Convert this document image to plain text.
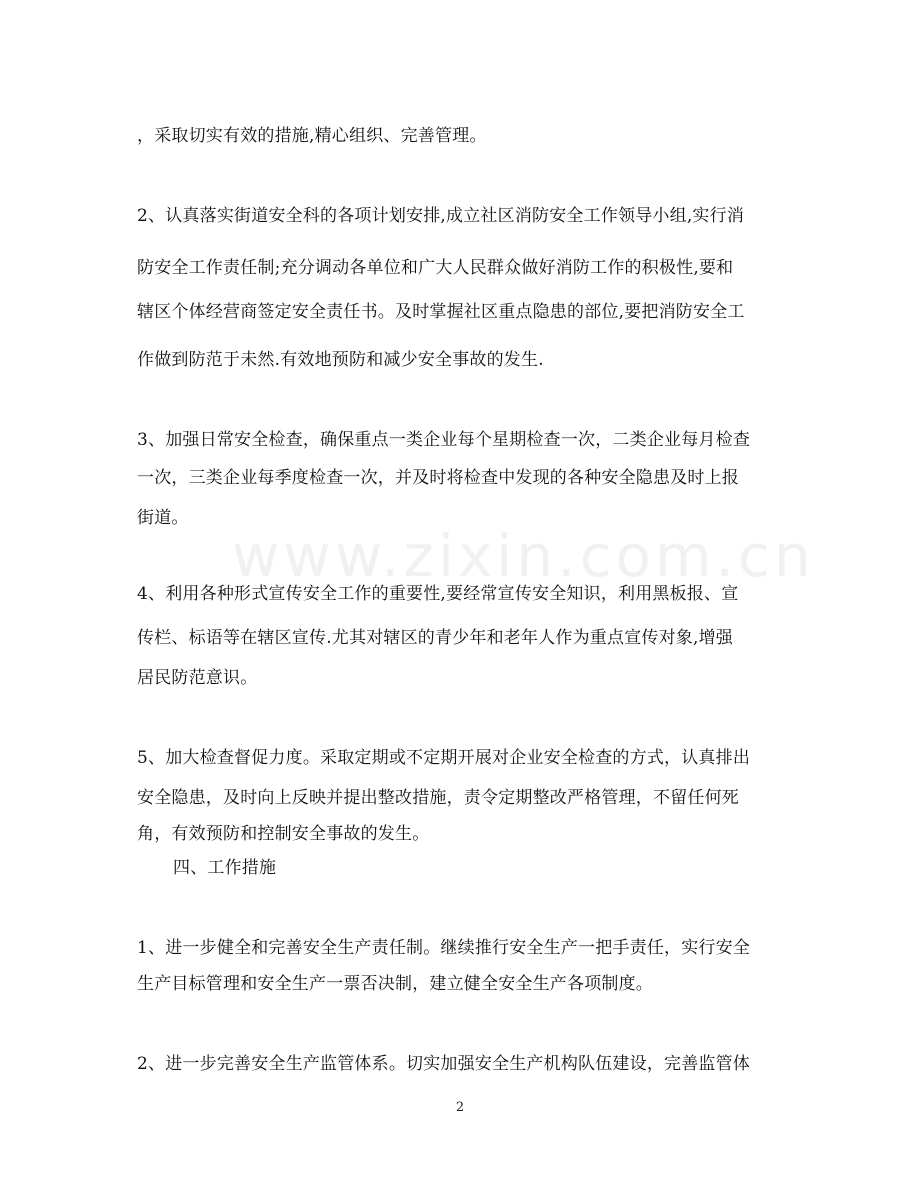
www.zixin.com.cn
，采取切实有效的措施,精心组织、完善管理。
2、认真落实街道安全科的各项计划安排,成立社区消防安全工作领导小组,实行消
防安全工作责任制;充分调动各单位和广大人民群众做好消防工作的积极性,要和
辖区个体经营商签定安全责任书。及时掌握社区重点隐患的部位,要把消防安全工
作做到防范于未然.有效地预防和减少安全事故的发生.
3、加强日常安全检查，确保重点一类企业每个星期检查一次，二类企业每月检查
一次，三类企业每季度检查一次，并及时将检查中发现的各种安全隐患及时上报
街道。
4、利用各种形式宣传安全工作的重要性,要经常宣传安全知识，利用黑板报、宣
传栏、标语等在辖区宣传.尤其对辖区的青少年和老年人作为重点宣传对象,增强
居民防范意识。
5、加大检查督促力度。采取定期或不定期开展对企业安全检查的方式，认真排出
安全隐患，及时向上反映并提出整改措施，责令定期整改严格管理，不留任何死
角，有效预防和控制安全事故的发生。
四、工作措施
1、进一步健全和完善安全生产责任制。继续推行安全生产一把手责任，实行安全
生产目标管理和安全生产一票否决制，建立健全安全生产各项制度。
2、进一步完善安全生产监管体系。切实加强安全生产机构队伍建设，完善监管体
2
